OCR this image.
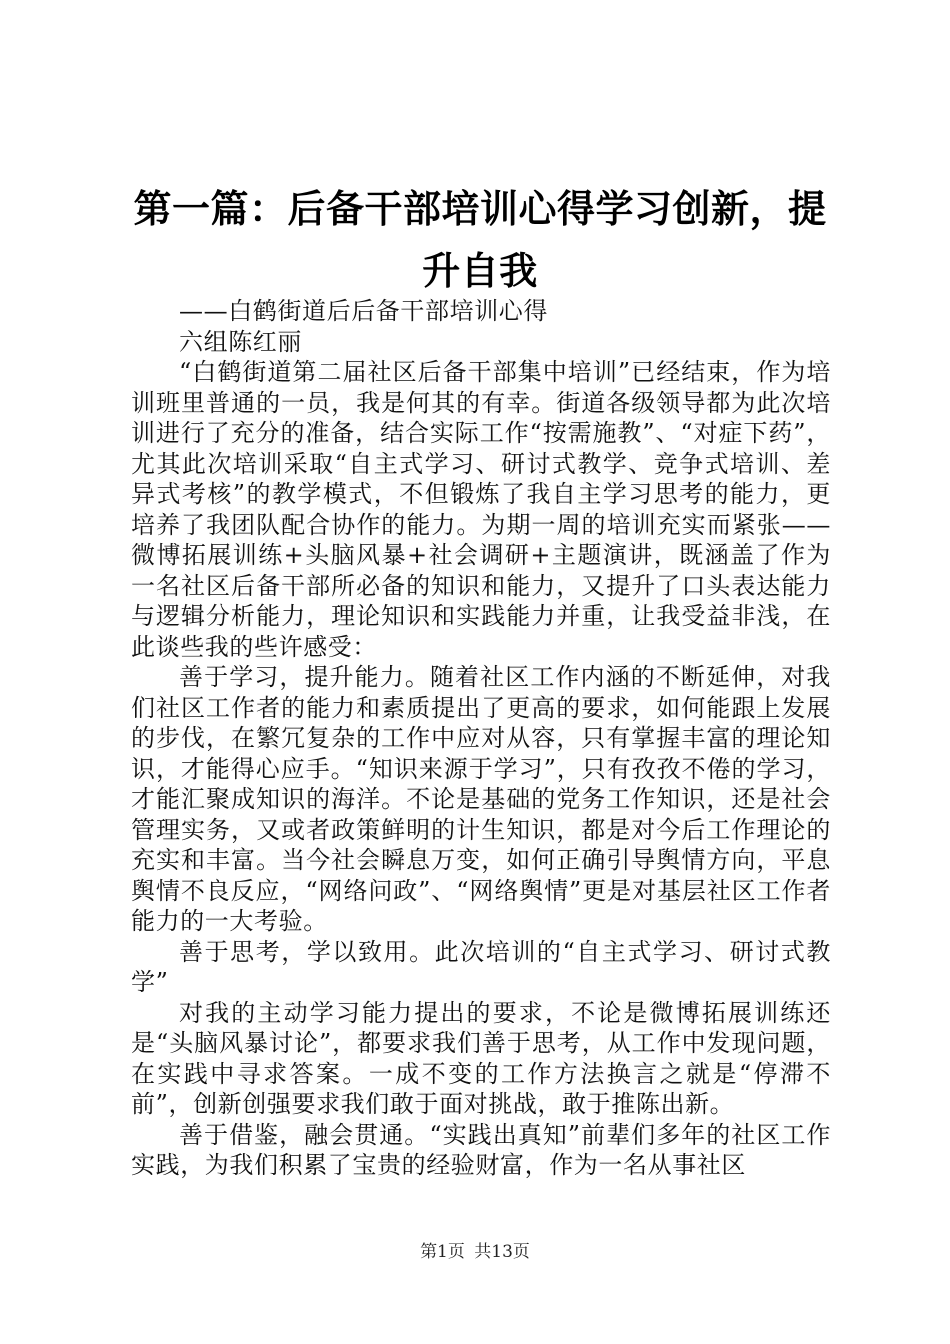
第一篇：后备干部培训心得学习创新，提升自我

——白鹤街道后后备干部培训心得

六组陈红丽

“白鹤街道第二届社区后备干部集中培训”已经结束，作为培训班里普通的一员，我是何其的有幸。街道各级领导都为此次培训进行了充分的准备，结合实际工作“按需施教”、“对症下药”，尤其此次培训采取“自主式学习、研讨式教学、竞争式培训、差异式考核”的教学模式，不但锻炼了我自主学习思考的能力，更培养了我团队配合协作的能力。为期一周的培训充实而紧张——微博拓展训练+头脑风暴+社会调研+主题演讲，既涵盖了作为一名社区后备干部所必备的知识和能力，又提升了口头表达能力与逻辑分析能力，理论知识和实践能力并重，让我受益非浅，在此谈些我的些许感受：

善于学习，提升能力。随着社区工作内涵的不断延伸，对我们社区工作者的能力和素质提出了更高的要求，如何能跟上发展的步伐，在繁冗复杂的工作中应对从容，只有掌握丰富的理论知识，才能得心应手。“知识来源于学习”，只有孜孜不倦的学习，才能汇聚成知识的海洋。不论是基础的党务工作知识，还是社会管理实务，又或者政策鲜明的计生知识，都是对今后工作理论的充实和丰富。当今社会瞬息万变，如何正确引导舆情方向，平息舆情不良反应，“网络问政”、“网络舆情”更是对基层社区工作者能力的一大考验。

善于思考，学以致用。此次培训的“自主式学习、研讨式教学”

对我的主动学习能力提出的要求，不论是微博拓展训练还是“头脑风暴讨论”，都要求我们善于思考，从工作中发现问题，在实践中寻求答案。一成不变的工作方法换言之就是“停滞不前”，创新创强要求我们敢于面对挑战，敢于推陈出新。

善于借鉴，融会贯通。“实践出真知”前辈们多年的社区工作实践，为我们积累了宝贵的经验财富，作为一名从事社区

第1页 共13页
